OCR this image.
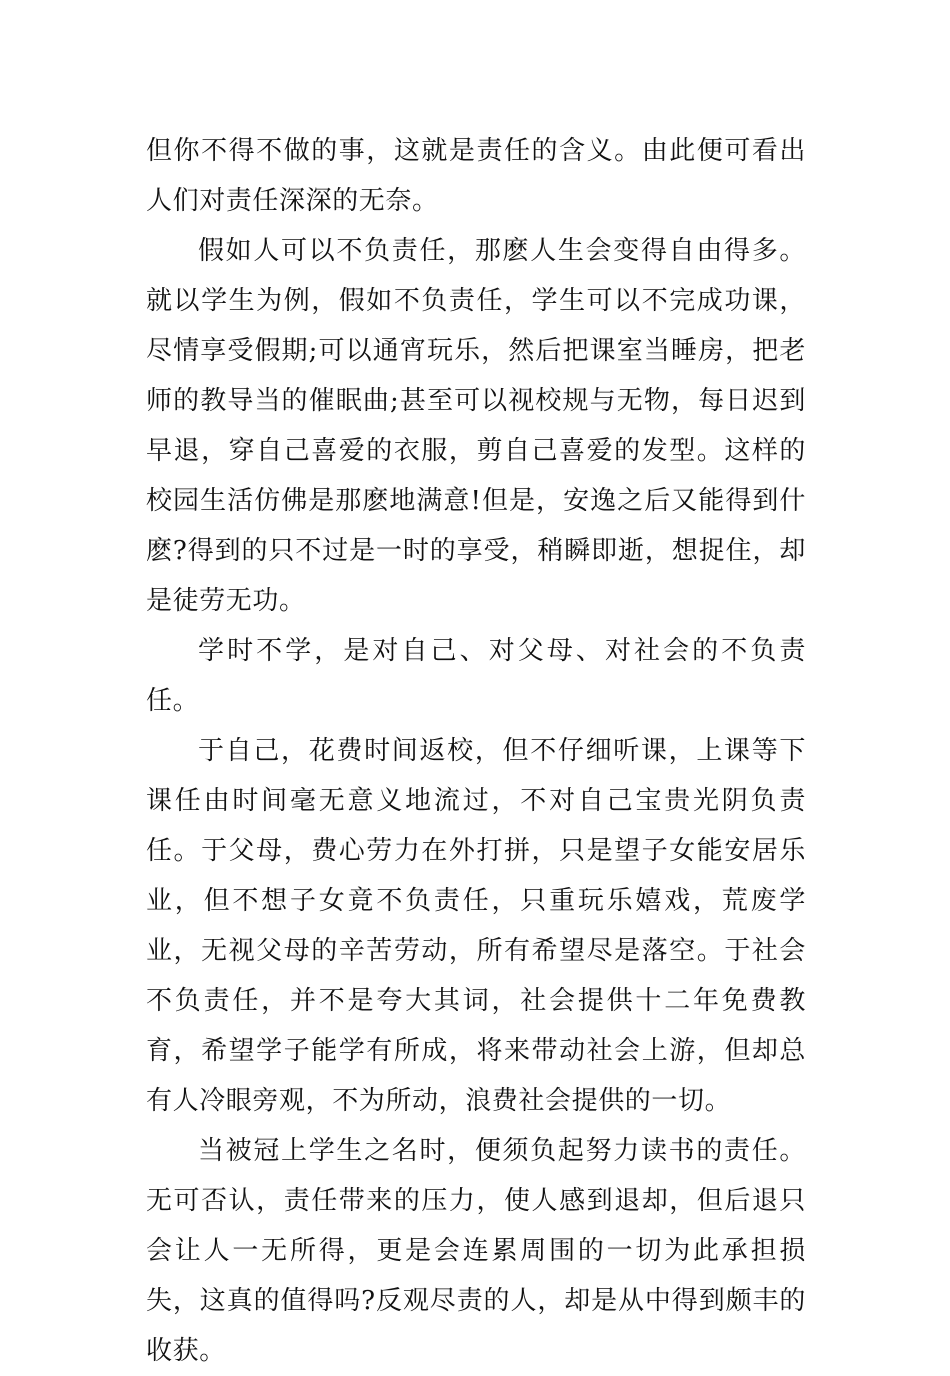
但你不得不做的事，这就是责任的含义。由此便可看出人们对责任深深的无奈。

假如人可以不负责任，那麽人生会变得自由得多。就以学生为例，假如不负责任，学生可以不完成功课，尽情享受假期;可以通宵玩乐，然后把课室当睡房，把老师的教导当的催眠曲;甚至可以视校规与无物，每日迟到早退，穿自己喜爱的衣服，剪自己喜爱的发型。这样的校园生活仿佛是那麽地满意!但是，安逸之后又能得到什麽?得到的只不过是一时的享受，稍瞬即逝，想捉住，却是徒劳无功。

学时不学，是对自己、对父母、对社会的不负责任。

于自己，花费时间返校，但不仔细听课，上课等下课任由时间毫无意义地流过，不对自己宝贵光阴负责任。于父母，费心劳力在外打拼，只是望子女能安居乐业，但不想子女竟不负责任，只重玩乐嬉戏，荒废学业，无视父母的辛苦劳动，所有希望尽是落空。于社会不负责任，并不是夸大其词，社会提供十二年免费教育，希望学子能学有所成，将来带动社会上游，但却总有人冷眼旁观，不为所动，浪费社会提供的一切。

当被冠上学生之名时，便须负起努力读书的责任。无可否认，责任带来的压力，使人感到退却，但后退只会让人一无所得，更是会连累周围的一切为此承担损失，这真的值得吗?反观尽责的人，却是从中得到颇丰的收获。
